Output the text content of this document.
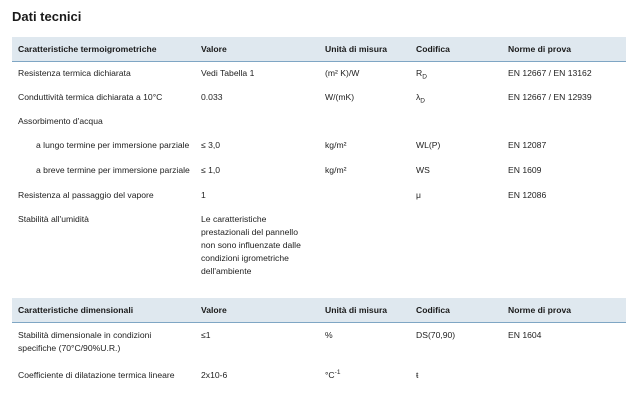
Dati tecnici
Caratteristiche termoigrometriche	Valore	Unità di misura	Codifica	Norme di prova
Resistenza termica dichiarata	Vedi Tabella 1	(m² K)/W	$R_D$	EN 12667 / EN 13162
Conduttività termica dichiarata a 10°C	0.033	W/(mK)	$\lambda_D$	EN 12667 / EN 12939
Assorbimento d'acqua
a lungo termine per immersione parziale ≤ 3,0	kg/m²	WL(P)	EN 12087
a breve termine per immersione parziale ≤ 1,0	kg/m²	WS	EN 1609
Resistenza al passaggio del vapore	1	μ	EN 12086
Stabilità all'umidità	Le caratteristiche prestazionali del pannello non sono influenzate dalle condizioni igrometriche dell'ambiente
Caratteristiche dimensionali	Valore	Unità di misura	Codifica	Norme di prova
Stabilità dimensionale in condizioni specifiche (70°C/90%U.R.)
≤1	%	DS(70,90)	EN 1604
Coefficiente di dilatazione termica lineare	2x10-6	$^\circ C^{-1}$	ŧ
